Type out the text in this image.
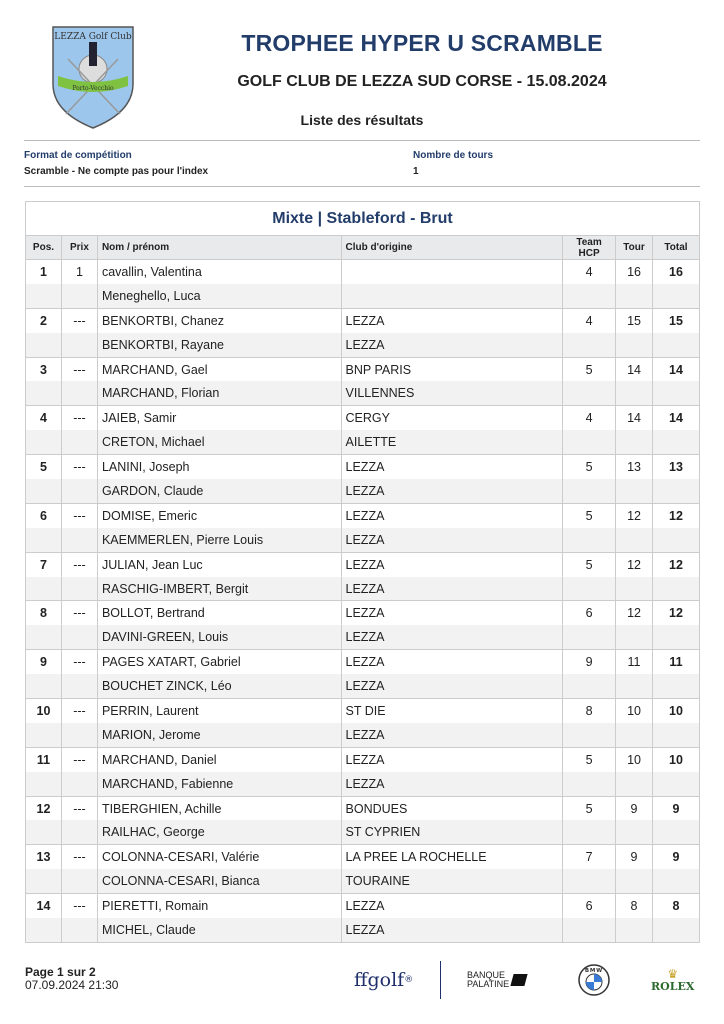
Porto-Vecchio
LEZZA Golf Club	TROPHEE HYPER U SCRAMBLE
GOLF CLUB DE LEZZA SUD CORSE - 15.08.2024
Liste des résultats
Format de compétition
Scramble - Ne compte pas pour l'index
Nombre de tours
1
Mixte | Stableford - Brut						
Pos.	Prix	Nom / prénom	Club d'origine	Team HCP	Tour	Total
1	1	cavallin, Valentina		4	16	16
		Meneghello, Luca				
2	---	BENKORTBI, Chanez	LEZZA	4	15	15
		BENKORTBI, Rayane	LEZZA			
3	---	MARCHAND, Gael	BNP PARIS	5	14	14
		MARCHAND, Florian	VILLENNES			
4	---	JAIEB, Samir	CERGY	4	14	14
		CRETON, Michael	AILETTE			
5	---	LANINI, Joseph	LEZZA	5	13	13
		GARDON, Claude	LEZZA			
6	---	DOMISE, Emeric	LEZZA	5	12	12
		KAEMMERLEN, Pierre Louis	LEZZA			
7	---	JULIAN, Jean Luc	LEZZA	5	12	12
		RASCHIG-IMBERT, Bergit	LEZZA			
8	---	BOLLOT, Bertrand	LEZZA	6	12	12
		DAVINI-GREEN, Louis	LEZZA			
9	---	PAGES XATART, Gabriel	LEZZA	9	11	11
		BOUCHET ZINCK, Léo	LEZZA			
10	---	PERRIN, Laurent	ST DIE	8	10	10
		MARION, Jerome	LEZZA			
11	---	MARCHAND, Daniel	LEZZA	5	10	10
		MARCHAND, Fabienne	LEZZA			
12	---	TIBERGHIEN, Achille	BONDUES	5	9	9
		RAILHAC, George	ST CYPRIEN			
13	---	COLONNA-CESARI, Valérie	LA PREE LA ROCHELLE	7	9	9
		COLONNA-CESARI, Bianca	TOURAINE			
14	---	PIERETTI, Romain	LEZZA	6	8	8
		MICHEL, Claude	LEZZA			
Page 1 sur 2
07.09.2024 21:30	ffgolf ®	BANQUE
PALATINE
BMW	♛
ROLEX
